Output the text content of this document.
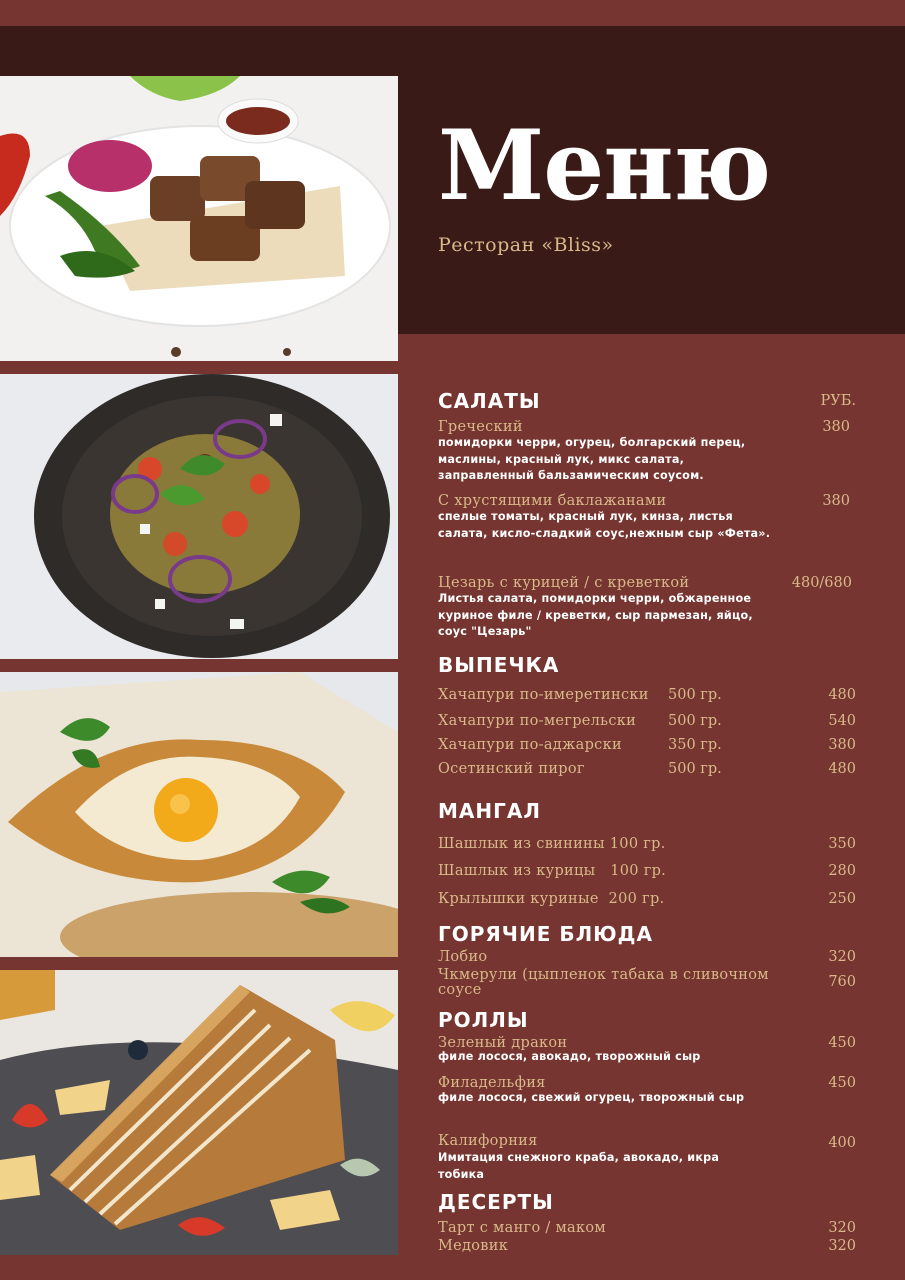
Меню
Ресторан «Bliss»
САЛАТЫ	РУБ.
Греческий	380
помидорки черри, огурец, болгарский перец, маслины, красный лук, микс салата, заправленный бальзамическим соусом.
С хрустящими баклажанами	380
спелые томаты, красный лук, кинза, листья салата, кисло-сладкий соус,нежным сыр «Фета».
Цезарь с курицей / с креветкой	480/680
Листья салата, помидорки черри, обжаренное куриное филе / креветки, сыр пармезан, яйцо, соус "Цезарь"
ВЫПЕЧКА
Хачапури по-имеретински 500 гр.	480
Хачапури по-мегрельски 500 гр.	540
Хачапури по-аджарски	350 гр.	380
Осетинский пирог	500 гр.	480
МАНГАЛ
Шашлык из свинины 100 гр.	350
Шашлык из курицы   100 гр.	280
Крылышки куриные  200 гр.	250
ГОРЯЧИЕ БЛЮДА
Лобио	320
Чкмерули (цыпленок табака в сливочном
соусе	760
РОЛЛЫ
Зеленый дракон	450
филе лосося, авокадо, творожный сыр
Филадельфия	450
филе лосося, свежий огурец, творожный сыр
Калифорния	400
Имитация снежного краба, авокадо, икра тобика
ДЕСЕРТЫ
Тарт с манго / маком	320
Медовик	320
